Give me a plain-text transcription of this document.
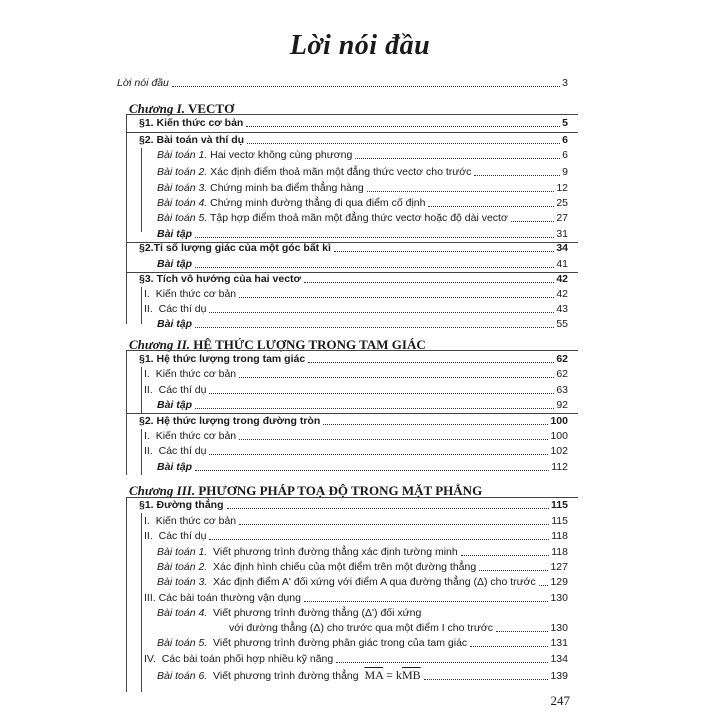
Lời nói đầu
Lời nói đầu	3
Chương I. VECTƠ
§1. Kiến thức cơ bản	5
§2. Bài toán và thí dụ	6
Bài toán 1. Hai vectơ không cùng phương	6
Bài toán 2. Xác định điểm thoả mãn một đẳng thức vectơ cho trước	9
Bài toán 3. Chứng minh ba điểm thẳng hàng	12
Bài toán 4. Chứng minh đường thẳng đi qua điểm cố định	25
Bài toán 5. Tập hợp điểm thoả mãn một đẳng thức vectơ hoặc độ dài vectơ	27
Bài tập	31
§2.Tỉ số lượng giác của một góc bất kì	34
Bài tập	41
§3. Tích vô hướng của hai vectơ	42
I. Kiến thức cơ bản	42
II. Các thí dụ	43
Bài tập	55
Chương II. HỆ THỨC LƯỢNG TRONG TAM GIÁC
§1. Hệ thức lượng trong tam giác	62
I. Kiến thức cơ bản	62
II. Các thí dụ	63
Bài tập	92
§2. Hệ thức lượng trong đường tròn	100
I. Kiến thức cơ bản	100
II. Các thí dụ	102
Bài tập	112
Chương III. PHƯƠNG PHÁP TOẠ ĐỘ TRONG MẶT PHẲNG
§1. Đường thẳng	115
I. Kiến thức cơ bản	115
II. Các thí dụ	118
Bài toán 1. Viết phương trình đường thẳng xác định tường minh	118
Bài toán 2. Xác định hình chiếu của một điểm trên một đường thẳng	127
Bài toán 3. Xác định điểm A' đối xứng với điểm A qua đường thẳng (Δ) cho trước 129
III. Các bài toán thường vận dụng	130
Bài toán 4. Viết phương trình đường thẳng (Δ') đối xứng
với đường thẳng (Δ) cho trước qua một điểm I cho trước	130
Bài toán 5. Viết phương trình đường phân giác trong của tam giác	131
IV. Các bài toán phối hợp nhiều kỹ năng	134
Bài toán 6. Viết phương trình đường thẳng $\overline{MA} = k\overline{MB}$	139
247
